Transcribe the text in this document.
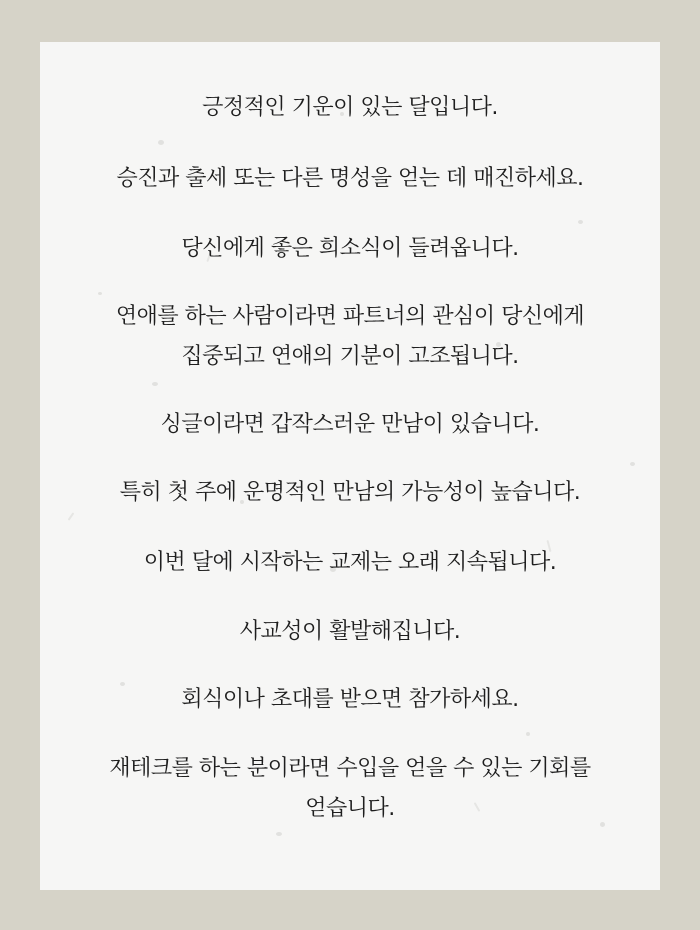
긍정적인 기운이 있는 달입니다.
승진과 출세 또는 다른 명성을 얻는 데 매진하세요.
당신에게 좋은 희소식이 들려옵니다.
연애를 하는 사람이라면 파트너의 관심이 당신에게
집중되고 연애의 기분이 고조됩니다.
싱글이라면 갑작스러운 만남이 있습니다.
특히 첫 주에 운명적인 만남의 가능성이 높습니다.
이번 달에 시작하는 교제는 오래 지속됩니다.
사교성이 활발해집니다.
회식이나 초대를 받으면 참가하세요.
재테크를 하는 분이라면 수입을 얻을 수 있는 기회를
얻습니다.
